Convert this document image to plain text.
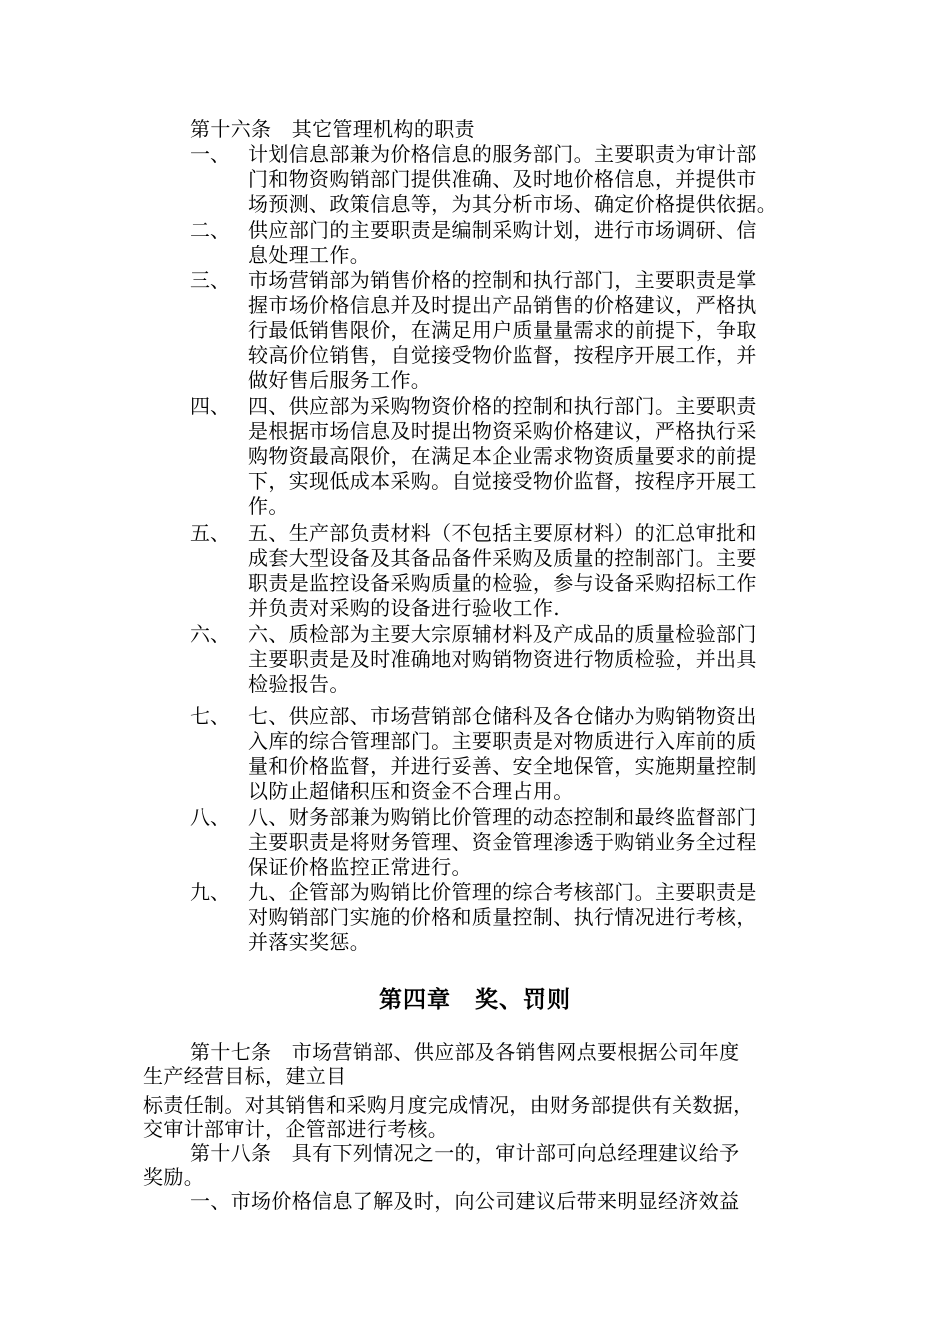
第十六条　其它管理机构的职责
一、 计划信息部兼为价格信息的服务部门。主要职责为审计部
门和物资购销部门提供准确、及时地价格信息，并提供市
场预测、政策信息等，为其分析市场、确定价格提供依据。
二、 供应部门的主要职责是编制采购计划，进行市场调研、信
息处理工作。
三、 市场营销部为销售价格的控制和执行部门，主要职责是掌
握市场价格信息并及时提出产品销售的价格建议，严格执
行最低销售限价，在满足用户质量量需求的前提下，争取
较高价位销售，自觉接受物价监督，按程序开展工作，并
做好售后服务工作。
四、 四、供应部为采购物资价格的控制和执行部门。主要职责
是根据市场信息及时提出物资采购价格建议，严格执行采
购物资最高限价，在满足本企业需求物资质量要求的前提
下，实现低成本采购。自觉接受物价监督，按程序开展工
作。
五、 五、生产部负责材料（不包括主要原材料）的汇总审批和
成套大型设备及其备品备件采购及质量的控制部门。主要
职责是监控设备采购质量的检验，参与设备采购招标工作
并负责对采购的设备进行验收工作.
六、 六、质检部为主要大宗原辅材料及产成品的质量检验部门
主要职责是及时准确地对购销物资进行物质检验，并出具
检验报告。
七、 七、供应部、市场营销部仓储科及各仓储办为购销物资出
入库的综合管理部门。主要职责是对物质进行入库前的质
量和价格监督，并进行妥善、安全地保管，实施期量控制
以防止超储积压和资金不合理占用。
八、 八、财务部兼为购销比价管理的动态控制和最终监督部门
主要职责是将财务管理、资金管理渗透于购销业务全过程
保证价格监控正常进行。
九、 九、企管部为购销比价管理的综合考核部门。主要职责是
对购销部门实施的价格和质量控制、执行情况进行考核，
并落实奖惩。
第四章　奖、罚则
第十七条　市场营销部、供应部及各销售网点要根据公司年度
生产经营目标，建立目
标责任制。对其销售和采购月度完成情况，由财务部提供有关数据，
交审计部审计，企管部进行考核。
第十八条　具有下列情况之一的，审计部可向总经理建议给予
奖励。
一、市场价格信息了解及时，向公司建议后带来明显经济效益
